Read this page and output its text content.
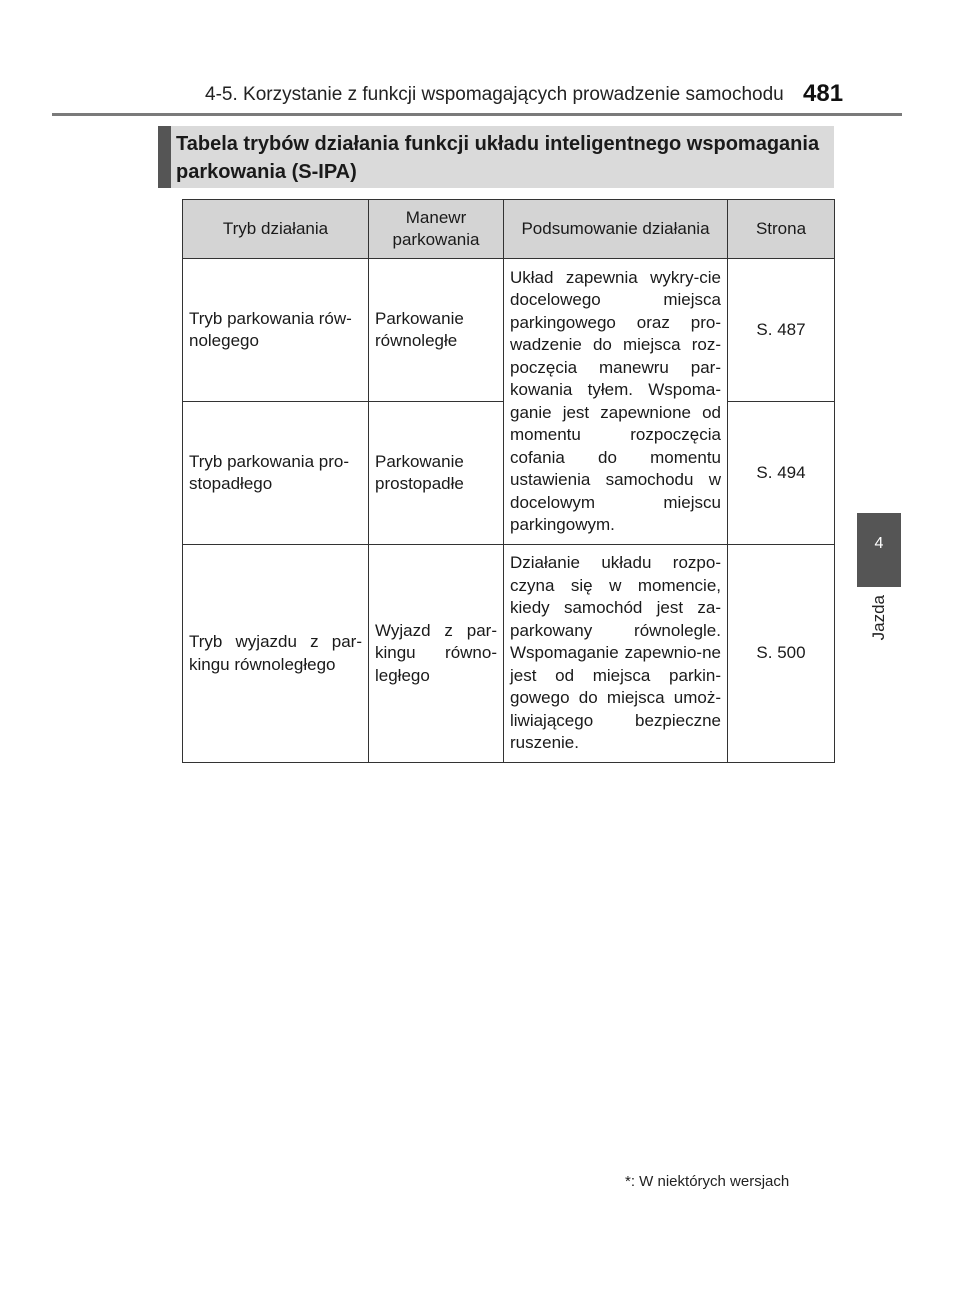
4-5. Korzystanie z funkcji wspomagających prowadzenie samochodu 481
4
Jazda
Tabela trybów działania funkcji układu inteligentnego wspomagania parkowania (S-IPA)
Tryb działania	Manewr parkowania	Podsumowanie działania	Strona
Tryb parkowania rów-nolegego	Parkowanie równoległe	Układ zapewnia wykry-cie docelowego miejsca parkingowego oraz pro-wadzenie do miejsca roz-poczęcia manewru par-kowania tyłem. Wspoma-ganie jest zapewnione od momentu rozpoczęcia cofania do momentu ustawienia samochodu w docelowym miejscu parkingowym.	S. 487
Tryb parkowania pro-stopadłego	Parkowanie prostopadłe		S. 494
Tryb wyjazdu z par-kingu równoległego	Wyjazd z par-kingu równo-ległego	Działanie układu rozpo-czyna się w momencie, kiedy samochód jest za-parkowany równolegle. Wspomaganie zapewnio-ne jest od miejsca parkin-gowego do miejsca umoż-liwiającego bezpieczne ruszenie.	S. 500
*: W niektórych wersjach
